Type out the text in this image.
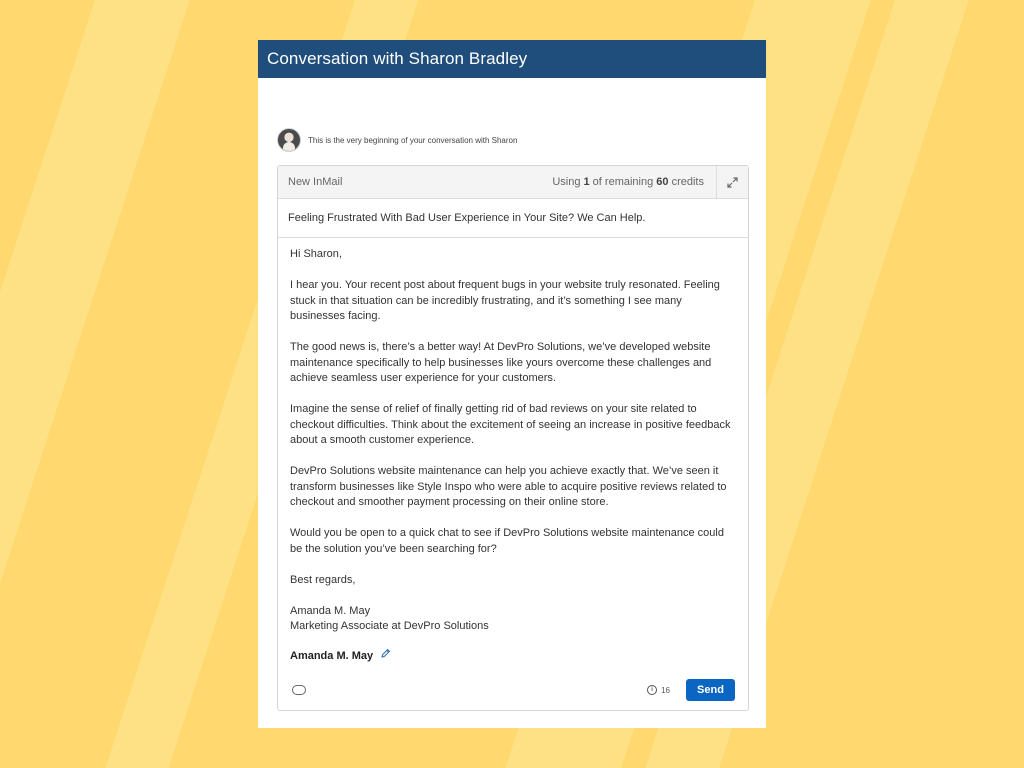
Conversation with Sharon Bradley
This is the very beginning of your conversation with Sharon
New InMail	Using 1 of remaining 60 credits
Feeling Frustrated With Bad User Experience in Your Site? We Can Help.

Hi Sharon,

I hear you. Your recent post about frequent bugs in your website truly resonated. Feeling stuck in that situation can be incredibly frustrating, and it’s something I see many businesses facing.

The good news is, there’s a better way! At DevPro Solutions, we’ve developed website maintenance specifically to help businesses like yours overcome these challenges and achieve seamless user experience for your customers.

Imagine the sense of relief of finally getting rid of bad reviews on your site related to checkout difficulties. Think about the excitement of seeing an increase in positive feedback about a smooth customer experience.

DevPro Solutions website maintenance can help you achieve exactly that. We’ve seen it transform businesses like Style Inspo who were able to acquire positive reviews related to checkout and smoother payment processing on their online store.

Would you be open to a quick chat to see if DevPro Solutions website maintenance could be the solution you’ve been searching for?

Best regards,

Amanda M. May
Marketing Associate at DevPro Solutions

Amanda M. May
i	16	Send
